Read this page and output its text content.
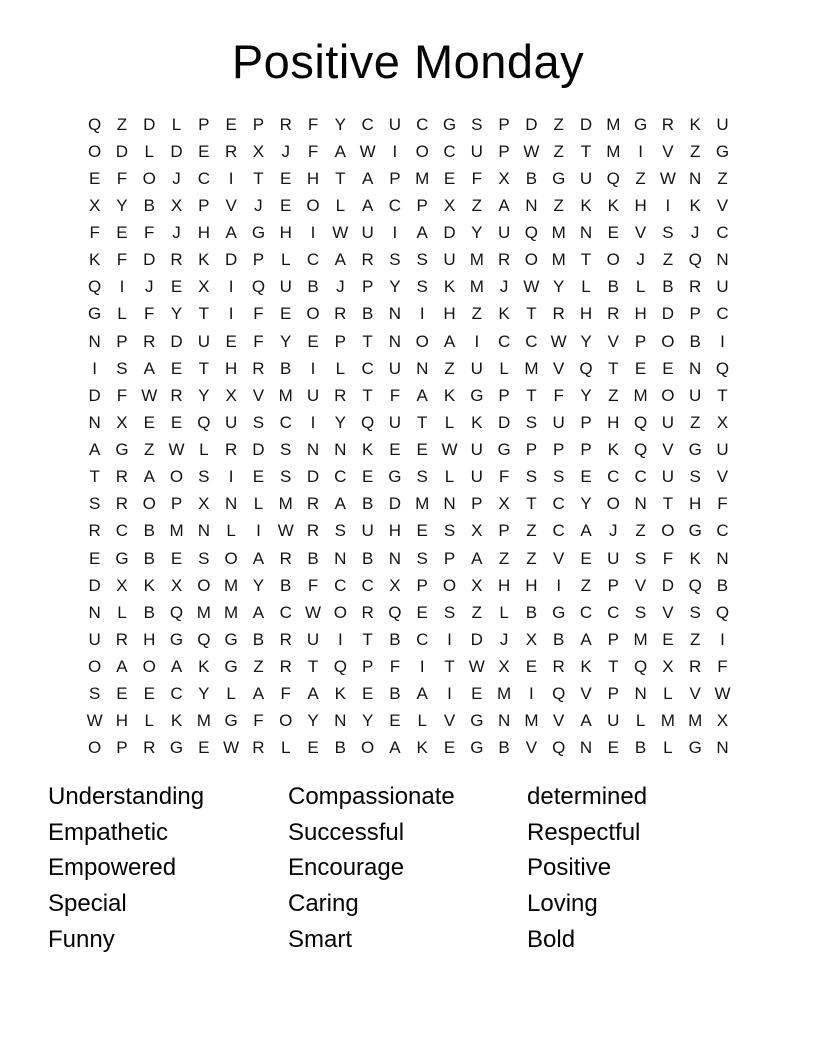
Positive Monday
Q Z D L P E P R F Y C U C G S P D Z D M G R K U
O D L D E R X	J	F A W I	O C U P W Z T M	I	V Z G
E F O J C	I	T E H T A P M E F X B G U Q Z W N Z
X Y B X P V	J	E O L A C P X Z A N Z K K H	I	K V
F E F	J H A G H	I W U	I	A D Y U Q M N E V S	J C
K F D R K D P L C A R S S U M R O M T O J	Z Q N
Q	I	J	E X	I	Q U B	J	P Y S K M J W Y L B L B R U
G L	F Y T	I	F E O R B N	I	H Z K T R H R H D P C
N P R D U E F Y E P T N O A	I	C C W Y V P O B	I
I	S A E T H R B	I	L C U N Z U L M V Q T E E N Q
D F W R Y X V M U R T F A K G P T F Y Z M O U T
N X E E Q U S C	I	Y Q U T	L K D S U P H Q U Z X
A G Z W L R D S N N K E E W U G P P P K Q V G U
T R A O S	I	E S D C E G S L U F S S E C C U S V
S R O P X N L M R A B D M N P X T C Y O N T H F
R C B M N L	I W R S U H E S X P Z C A	J	Z O G C
E G B E S O A R B N B N S P A Z Z V E U S F K N
D X K X O M Y B F C C X P O X H H	I	Z P V D Q B
N L B Q M M A C W O R Q E S Z	L B G C C S V S Q
U R H G Q G B R U	I	T B C	I	D J	X B A P M E Z	I
O A O A K G Z R T Q P F	I	T W X E R K T Q X R F
S E E C Y L A F A K E B A	I	E M	I	Q V P N L V W
W H L K M G F O Y N Y E L V G N M V A U L M M X
O P R G E W R L E B O A K E G B V Q N E B L G N
Understanding
Empathetic
Empowered
Special
Funny
Compassionate
Successful
Encourage
Caring
Smart
determined
Respectful
Positive
Loving
Bold
